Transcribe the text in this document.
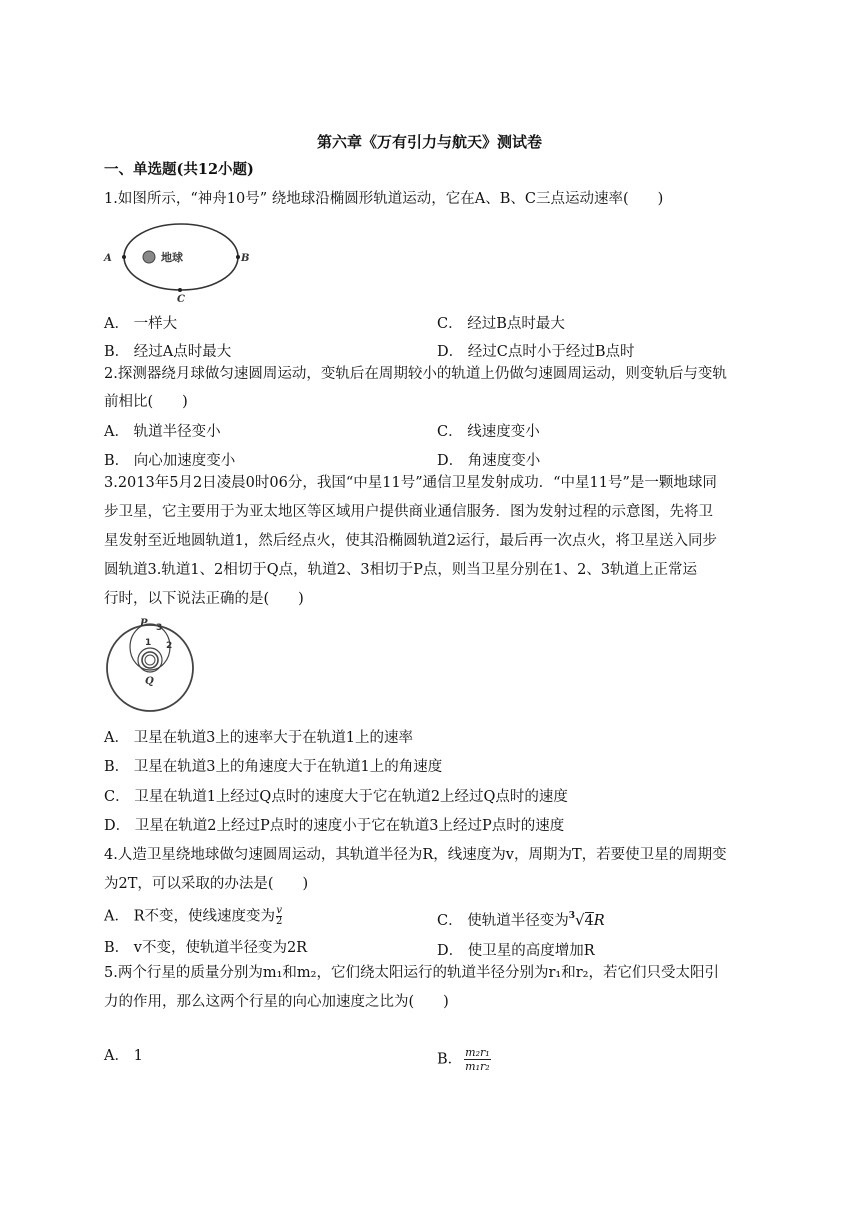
第六章《万有引力与航天》测试卷
一、单选题(共12小题)
1.如图所示，“神舟10号” 绕地球沿椭圆形轨道运动，它在A、B、C三点运动速率(　　)
地球
A	B
C
A． 一样大	C． 经过B点时最大
B． 经过A点时最大	D． 经过C点时小于经过B点时
2.探测器绕月球做匀速圆周运动，变轨后在周期较小的轨道上仍做匀速圆周运动，则变轨后与变轨
前相比(　　)
A． 轨道半径变小	C． 线速度变小
B． 向心加速度变小	D． 角速度变小
3.2013年5月2日凌晨0时06分，我国“中星11号”通信卫星发射成功．“中星11号”是一颗地球同
步卫星，它主要用于为亚太地区等区域用户提供商业通信服务．图为发射过程的示意图，先将卫
星发射至近地圆轨道1，然后经点火，使其沿椭圆轨道2运行，最后再一次点火，将卫星送入同步
圆轨道3.轨道1、2相切于Q点，轨道2、3相切于P点，则当卫星分别在1、2、3轨道上正常运
行时，以下说法正确的是(　　)
P 3
1 2
Q
A． 卫星在轨道3上的速率大于在轨道1上的速率
B． 卫星在轨道3上的角速度大于在轨道1上的角速度
C． 卫星在轨道1上经过Q点时的速度大于它在轨道2上经过Q点时的速度
D． 卫星在轨道2上经过P点时的速度小于它在轨道3上经过P点时的速度
4.人造卫星绕地球做匀速圆周运动，其轨道半径为R，线速度为v，周期为T，若要使卫星的周期变
为2T，可以采取的办法是(　　)
A． R不变，使线速度变为 $\frac{v}{2}$	C． 使轨道半径变为$^3$√4R
B． v不变，使轨道半径变为2R	D． 使卫星的高度增加R
5.两个行星的质量分别为m₁和m₂，它们绕太阳运行的轨道半径分别为r₁和r₂，若它们只受太阳引
力的作用，那么这两个行星的向心加速度之比为(　　)
A． 1	B． $\frac{\text{m₂r₁}}{\text{m₁r₂}}$
